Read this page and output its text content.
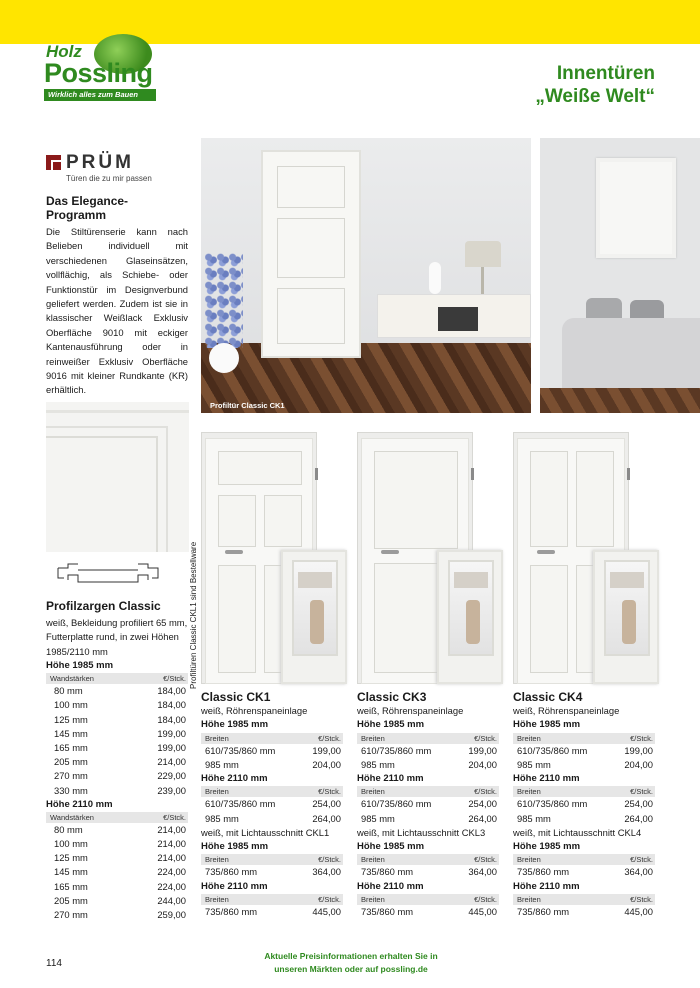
Holz
Possling
Wirklich alles zum Bauen
Innentüren
„Weiße Welt“
PRÜM
Türen die zu mir passen
Das Elegance-Programm

Die Stiltürenserie kann nach Belieben individuell mit verschiedenen Glaseinsätzen, vollflächig, als Schiebe- oder Funktionstür im Designverbund geliefert werden. Zudem ist sie in klassischer Weißlack Exklusiv Oberfläche 9010 mit eckiger Kantenausführung oder in reinweißer Exklusiv Oberfläche 9016 mit kleiner Rundkante (KR) erhältlich.

Profiltür Classic CK1
Profiltüren Classic CKL1 sind Bestellware
Profilzargen Classic
weiß, Bekleidung profiliert 65 mm, Futterplatte rund, in zwei Höhen 1985/2110 mm
Höhe 1985 mm
Wandstärken	€/Stck.
80 mm	184,00
100 mm	184,00
125 mm	184,00
145 mm	199,00
165 mm	199,00
205 mm	214,00
270 mm	229,00
330 mm	239,00
Höhe 2110 mm
Wandstärken	€/Stck.
80 mm	214,00
100 mm	214,00
125 mm	214,00
145 mm	224,00
165 mm	224,00
205 mm	244,00
270 mm	259,00
Classic CK1
weiß, Röhrenspaneinlage
Höhe 1985 mm
Breiten	€/Stck.
610/735/860 mm	199,00
985 mm	204,00
Höhe 2110 mm
Breiten	€/Stck.
610/735/860 mm	254,00
985 mm	264,00
weiß, mit Lichtausschnitt CKL1
Höhe 1985 mm
Breiten	€/Stck.
735/860 mm	364,00
Höhe 2110 mm
Breiten	€/Stck.
735/860 mm	445,00
Classic CK3
weiß, Röhrenspaneinlage
Höhe 1985 mm
Breiten	€/Stck.
610/735/860 mm	199,00
985 mm	204,00
Höhe 2110 mm
Breiten	€/Stck.
610/735/860 mm	254,00
985 mm	264,00
weiß, mit Lichtausschnitt CKL3
Höhe 1985 mm
Breiten	€/Stck.
735/860 mm	364,00
Höhe 2110 mm
Breiten	€/Stck.
735/860 mm	445,00
Classic CK4
weiß, Röhrenspaneinlage
Höhe 1985 mm
Breiten	€/Stck.
610/735/860 mm	199,00
985 mm	204,00
Höhe 2110 mm
Breiten	€/Stck.
610/735/860 mm	254,00
985 mm	264,00
weiß, mit Lichtausschnitt CKL4
Höhe 1985 mm
Breiten	€/Stck.
735/860 mm	364,00
Höhe 2110 mm
Breiten	€/Stck.
735/860 mm	445,00
114
Aktuelle Preisinformationen erhalten Sie in
unseren Märkten oder auf possling.de
